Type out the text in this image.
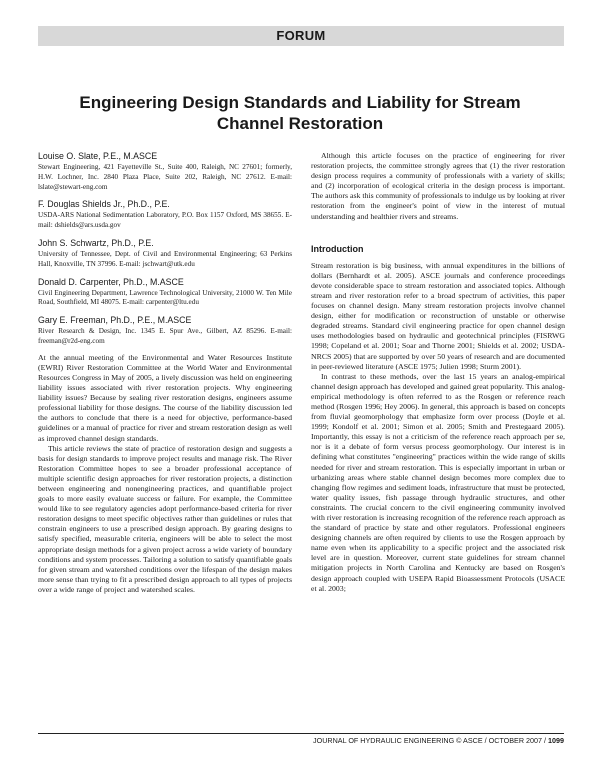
FORUM
Engineering Design Standards and Liability for Stream
Channel Restoration
Louise O. Slate, P.E., M.ASCE
Stewart Engineering, 421 Fayetteville St., Suite 400, Raleigh, NC 27601; formerly, H.W. Lochner, Inc. 2840 Plaza Place, Suite 202, Raleigh, NC 27612. E-mail: lslate@stewart-eng.com
F. Douglas Shields Jr., Ph.D., P.E.
USDA-ARS National Sedimentation Laboratory, P.O. Box 1157 Oxford, MS 38655. E-mail: dshields@ars.usda.gov
John S. Schwartz, Ph.D., P.E.
University of Tennessee, Dept. of Civil and Environmental Engineering; 63 Perkins Hall, Knoxville, TN 37996. E-mail: jschwart@utk.edu
Donald D. Carpenter, Ph.D., M.ASCE
Civil Engineering Department, Lawrence Technological University, 21000 W. Ten Mile Road, Southfield, MI 48075. E-mail: carpenter@ltu.edu
Gary E. Freeman, Ph.D., P.E., M.ASCE
River Research & Design, Inc. 1345 E. Spur Ave., Gilbert, AZ 85296. E-mail: freeman@r2d-eng.com

At the annual meeting of the Environmental and Water Resources Institute (EWRI) River Restoration Committee at the World Water and Environmental Resources Congress in May of 2005, a lively discussion was held on engineering liability issues associated with river restoration projects. Why engineering liability issues? Because by sealing river restoration designs, engineers assume professional liability for those designs. The course of the liability discussion led the authors to conclude that there is a need for objective, performance-based guidelines or a manual of practice for river and stream restoration design as well as improved channel design standards.

This article reviews the state of practice of restoration design and suggests a basis for design standards to improve project results and manage risk. The River Restoration Committee hopes to see a broader professional acceptance of multiple scientific design approaches for river restoration projects, a distinction between engineering and nonengineering practices, and quantifiable project goals to more easily evaluate success or failure. For example, the Committee would like to see regulatory agencies adopt performance-based criteria for river restoration designs to meet specific objectives rather than guidelines or rules that constrain engineers to use a prescribed design approach. By gearing designs to satisfy specified, measurable criteria, engineers will be able to select the most appropriate design methods for a given project across a wide variety of boundary conditions and system processes. Tailoring a solution to satisfy quantifiable goals for given stream and watershed conditions over the lifespan of the design makes more sense than trying to fit a prescribed design approach to all types of projects over a wide range of project and watershed scales.

Although this article focuses on the practice of engineering for river restoration projects, the committee strongly agrees that (1) the river restoration design process requires a community of professionals with a variety of skills; and (2) incorporation of ecological criteria in the design process is important. The authors ask this community of professionals to indulge us by looking at river restoration from the engineer's point of view in the interest of mutual understanding and healthier rivers and streams.

Introduction

Stream restoration is big business, with annual expenditures in the billions of dollars (Bernhardt et al. 2005). ASCE journals and conference proceedings devote considerable space to stream restoration and associated topics. Although stream and river restoration refer to a broad spectrum of activities, this paper focuses on channel design. Many stream restoration projects involve channel design, either for modification or reconstruction of unstable or otherwise degraded streams. Standard civil engineering practice for open channel design uses methodologies based on hydraulic and geotechnical principles (FISRWG 1998; Copeland et al. 2001; Soar and Thorne 2001; Shields et al. 2002; USDA-NRCS 2005) that are supported by over 50 years of research and are documented in peer-reviewed literature (ASCE 1975; Julien 1998; Sturm 2001).

In contrast to these methods, over the last 15 years an analog-empirical channel design approach has developed and gained great popularity. This analog-empirical methodology is often referred to as the Rosgen or reference reach method (Rosgen 1996; Hey 2006). In general, this approach is based on concepts from fluvial geomorphology that emphasize form over process (Doyle et al. 1999; Kondolf et al. 2001; Simon et al. 2005; Smith and Prestegaard 2005). Importantly, this essay is not a criticism of the reference reach approach per se, nor is it a debate of form versus process geomorphology. Our interest is in defining what constitutes "engineering" practices within the wide range of skills needed for river and stream restoration. This is especially important in urban or urbanizing areas where stable channel design becomes more complex due to changing flow regimes and sediment loads, infrastructure that must be protected, water quality issues, fish passage through hydraulic structures, and other constraints. The crucial concern to the civil engineering community involved with river restoration is increasing recognition of the reference reach approach as the standard of practice by state and other regulators. Professional engineers designing channels are often required by clients to use the Rosgen approach by name even when its applicability to a specific project and the associated risk level are in question. Moreover, current state guidelines for stream channel mitigation projects in North Carolina and Kentucky are based on Rosgen's design approach coupled with USEPA Rapid Bioassessment Protocols (USACE et al. 2003;

JOURNAL OF HYDRAULIC ENGINEERING © ASCE / OCTOBER 2007 / 1099
